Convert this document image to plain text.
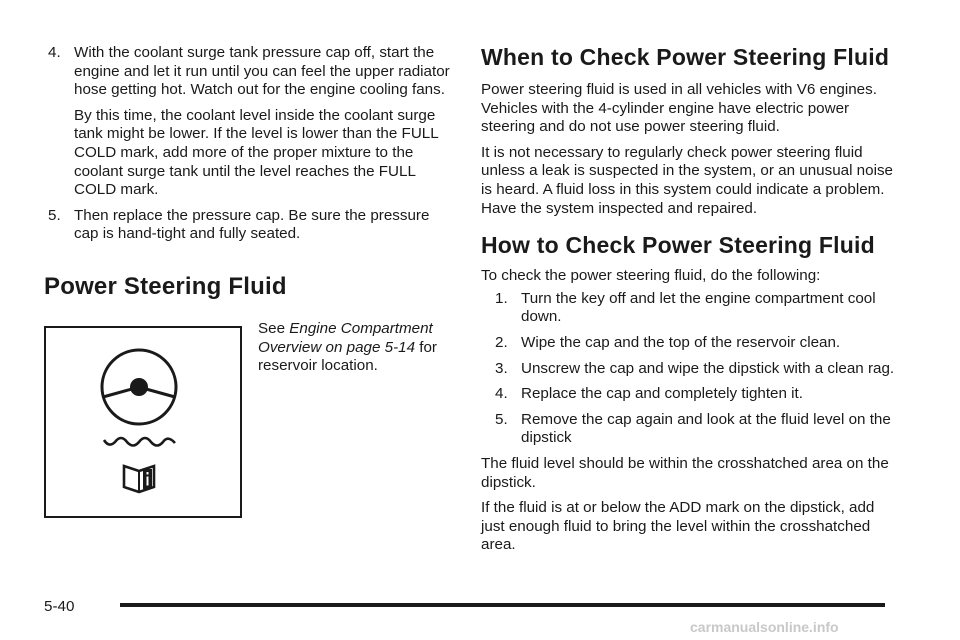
4. With the coolant surge tank pressure cap off, start the engine and let it run until you can feel the upper radiator hose getting hot. Watch out for the engine cooling fans.

By this time, the coolant level inside the coolant surge tank might be lower. If the level is lower than the FULL COLD mark, add more of the proper mixture to the coolant surge tank until the level reaches the FULL COLD mark.

5. Then replace the pressure cap. Be sure the pressure cap is hand-tight and fully seated.
Power Steering Fluid

See Engine Compartment Overview on page 5-14 for reservoir location.

When to Check Power Steering Fluid

Power steering fluid is used in all vehicles with V6 engines. Vehicles with the 4-cylinder engine have electric power steering and do not use power steering fluid.

It is not necessary to regularly check power steering fluid unless a leak is suspected in the system, or an unusual noise is heard. A fluid loss in this system could indicate a problem. Have the system inspected and repaired.

How to Check Power Steering Fluid

To check the power steering fluid, do the following:

1. Turn the key off and let the engine compartment cool down.
2. Wipe the cap and the top of the reservoir clean.
3. Unscrew the cap and wipe the dipstick with a clean rag.
4. Replace the cap and completely tighten it.
5. Remove the cap again and look at the fluid level on the dipstick

The fluid level should be within the crosshatched area on the dipstick.

If the fluid is at or below the ADD mark on the dipstick, add just enough fluid to bring the level within the crosshatched area.

5-40
carmanualsonline.info
